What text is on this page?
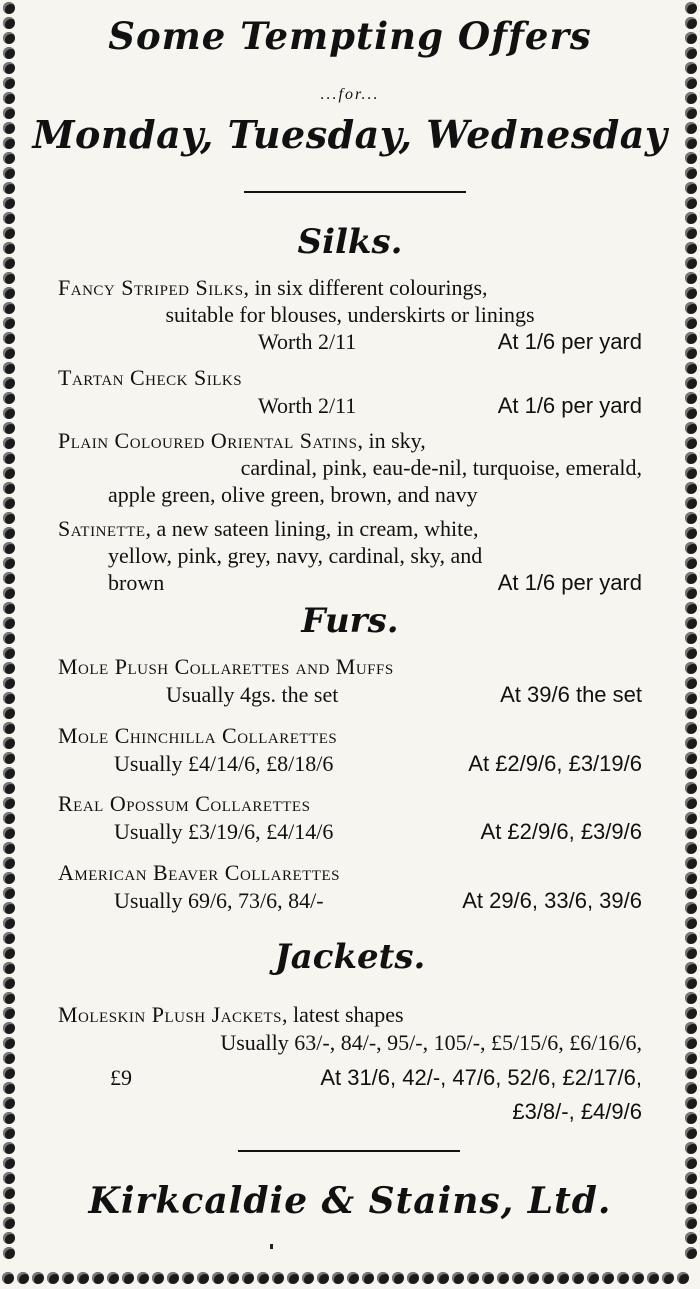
Some Tempting Offers
...for...
Monday, Tuesday, Wednesday
Silks.
Fancy Striped Silks, in six different colourings,
suitable for blouses, underskirts or linings
Worth 2/11	At 1/6 per yard
Tartan Check Silks
Worth 2/11	At 1/6 per yard
Plain Coloured Oriental Satins, in sky,
cardinal, pink, eau-de-nil, turquoise, emerald,
apple green, olive green, brown, and navy
Satinette, a new sateen lining, in cream, white,
yellow, pink, grey, navy, cardinal, sky, and
brown	At 1/6 per yard
Furs.
Mole Plush Collarettes and Muffs
Usually 4gs. the set	At 39/6 the set
Mole Chinchilla Collarettes
Usually £4/14/6, £8/18/6	At £2/9/6, £3/19/6
Real Opossum Collarettes
Usually £3/19/6, £4/14/6	At £2/9/6, £3/9/6
American Beaver Collarettes
Usually 69/6, 73/6, 84/-	At 29/6, 33/6, 39/6
Jackets.
Moleskin Plush Jackets, latest shapes
Usually 63/-, 84/-, 95/-, 105/-, £5/15/6, £6/16/6,
£9	At 31/6, 42/-, 47/6, 52/6, £2/17/6,
£3/8/-, £4/9/6
Kirkcaldie & Stains, Ltd.
